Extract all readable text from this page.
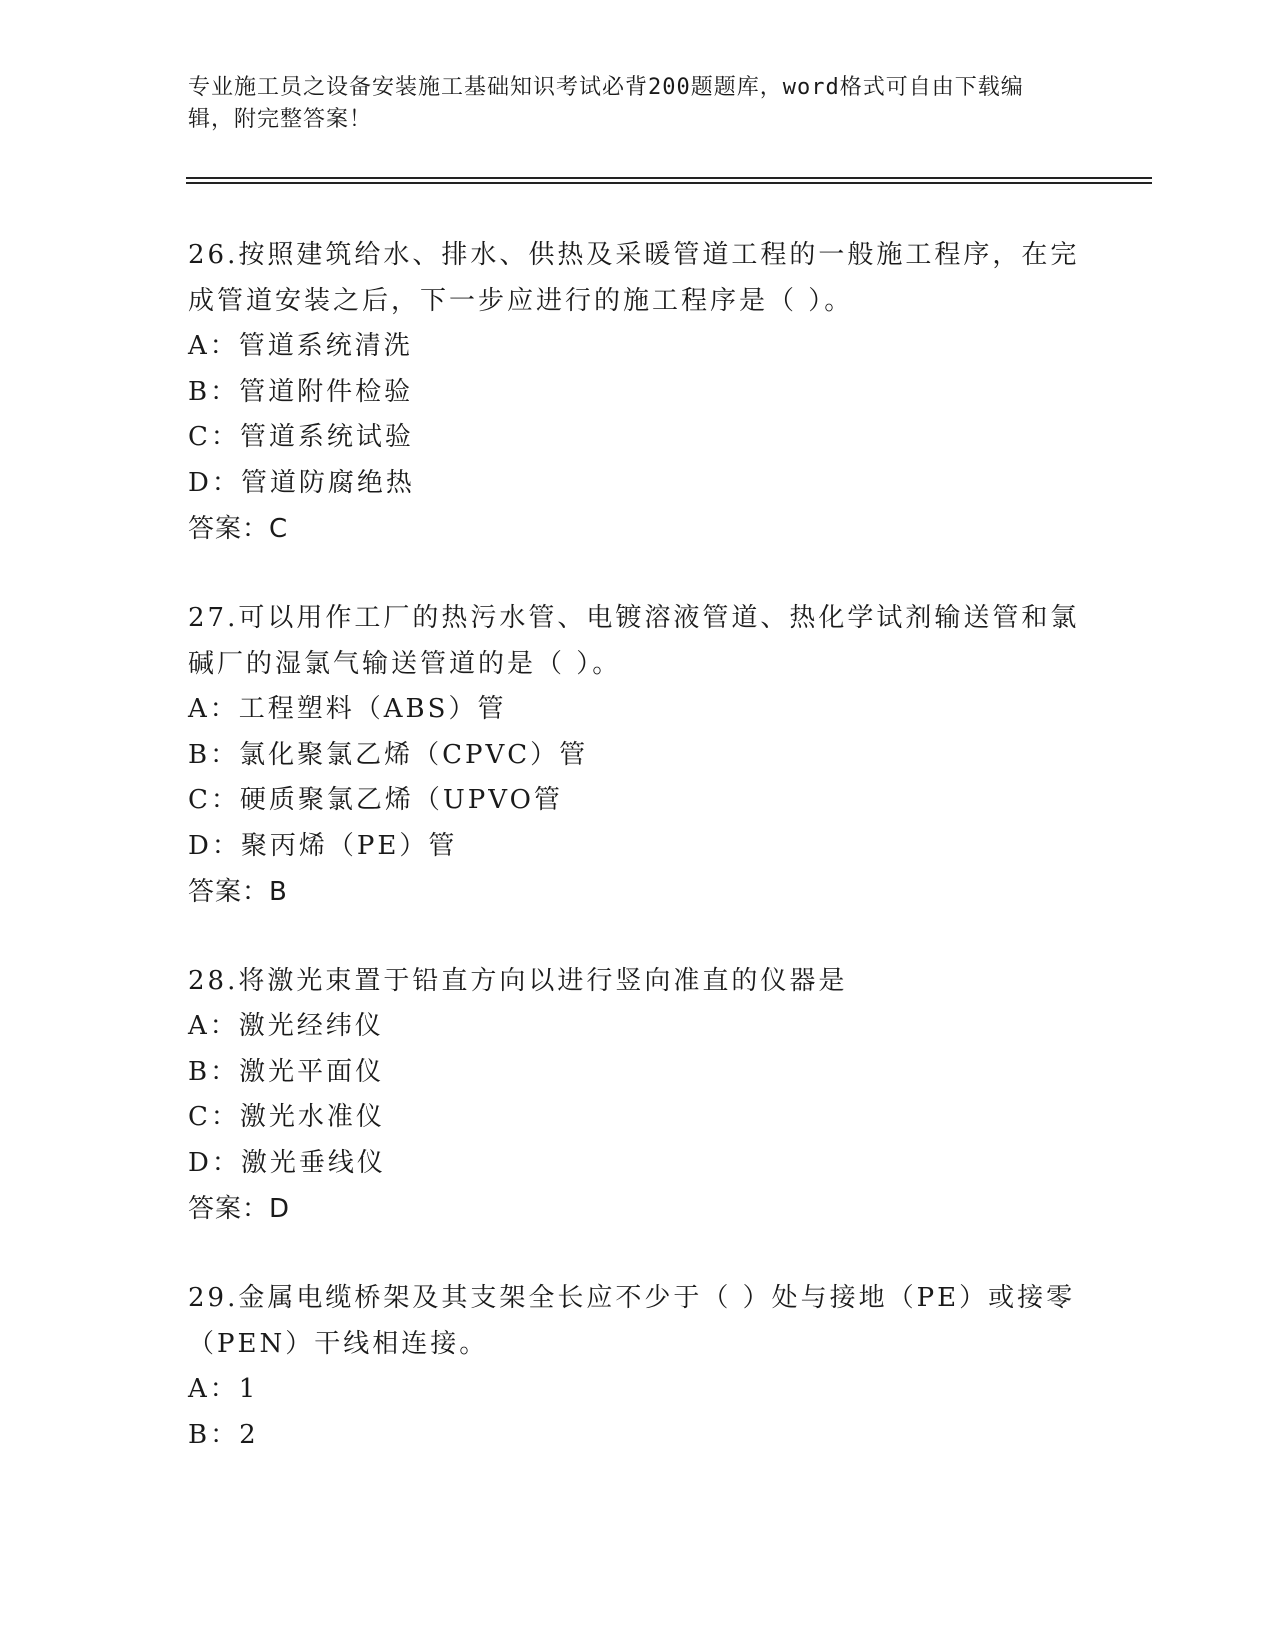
专业施工员之设备安装施工基础知识考试必背200题题库，word格式可自由下载编辑，附完整答案！
26.按照建筑给水、排水、供热及采暖管道工程的一般施工程序，在完成管道安装之后，下一步应进行的施工程序是（ ）。
A：管道系统清洗
B：管道附件检验
C：管道系统试验
D：管道防腐绝热
答案：C
27.可以用作工厂的热污水管、电镀溶液管道、热化学试剂输送管和氯碱厂的湿氯气输送管道的是（ ）。
A：工程塑料（ABS）管
B：氯化聚氯乙烯（CPVC）管
C：硬质聚氯乙烯（UPVO管
D：聚丙烯（PE）管
答案：B
28.将激光束置于铅直方向以进行竖向准直的仪器是
A：激光经纬仪
B：激光平面仪
C：激光水准仪
D：激光垂线仪
答案：D
29.金属电缆桥架及其支架全长应不少于（ ）处与接地（PE）或接零（PEN）干线相连接。
A：1
B：2
